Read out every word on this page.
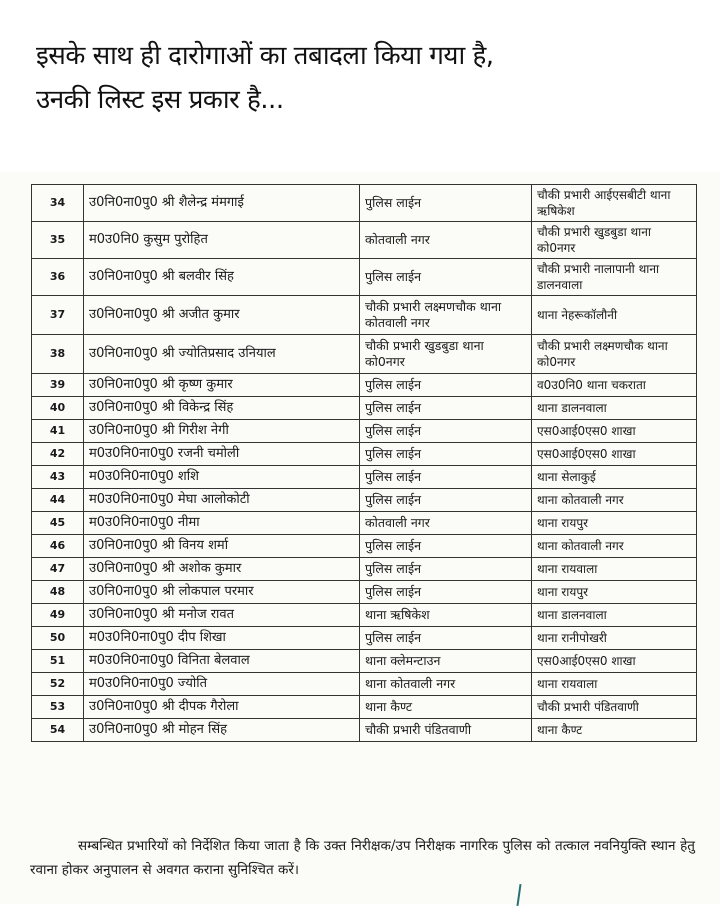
इसके साथ ही दारोगाओं का तबादला किया गया है,
उनकी लिस्ट इस प्रकार है...
34	उ0नि0ना0पु0 श्री शैलेन्द्र मंमगाई	पुलिस लाईन	चौकी प्रभारी आईएसबीटी थाना ऋषिकेश
35	म0उ0नि0 कुसुम पुरोहित	कोतवाली नगर	चौकी प्रभारी खुडबुडा थाना को0नगर
36	उ0नि0ना0पु0 श्री बलवीर सिंह	पुलिस लाईन	चौकी प्रभारी नालापानी थाना डालनवाला
37	उ0नि0ना0पु0 श्री अजीत कुमार	चौकी प्रभारी लक्ष्मणचौक थाना कोतवाली नगर	थाना नेहरूकॉलौनी
38	उ0नि0ना0पु0 श्री ज्योतिप्रसाद उनियाल	चौकी प्रभारी खुडबुडा थाना को0नगर	चौकी प्रभारी लक्ष्मणचौक थाना को0नगर
39	उ0नि0ना0पु0 श्री कृष्ण कुमार	पुलिस लाईन	व0उ0नि0 थाना चकराता
40	उ0नि0ना0पु0 श्री विकेन्द्र सिंह	पुलिस लाईन	थाना डालनवाला
41	उ0नि0ना0पु0 श्री गिरीश नेगी	पुलिस लाईन	एस0आई0एस0 शाखा
42	म0उ0नि0ना0पु0 रजनी चमोली	पुलिस लाईन	एस0आई0एस0 शाखा
43	म0उ0नि0ना0पु0 शशि	पुलिस लाईन	थाना सेलाकुई
44	म0उ0नि0ना0पु0 मेघा आलोकोटी	पुलिस लाईन	थाना कोतवाली नगर
45	म0उ0नि0ना0पु0 नीमा	कोतवाली नगर	थाना रायपुर
46	उ0नि0ना0पु0 श्री विनय शर्मा	पुलिस लाईन	थाना कोतवाली नगर
47	उ0नि0ना0पु0 श्री अशोक कुमार	पुलिस लाईन	थाना रायवाला
48	उ0नि0ना0पु0 श्री लोकपाल परमार	पुलिस लाईन	थाना रायपुर
49	उ0नि0ना0पु0 श्री मनोज रावत	थाना ऋषिकेश	थाना डालनवाला
50	म0उ0नि0ना0पु0 दीप शिखा	पुलिस लाईन	थाना रानीपोखरी
51	म0उ0नि0ना0पु0 विनिता बेलवाल	थाना क्लेमन्टाउन	एस0आई0एस0 शाखा
52	म0उ0नि0ना0पु0 ज्योति	थाना कोतवाली नगर	थाना रायवाला
53	उ0नि0ना0पु0 श्री दीपक गैरोला	थाना कैण्ट	चौकी प्रभारी पंडितवाणी
54	उ0नि0ना0पु0 श्री मोहन सिंह	चौकी प्रभारी पंडितवाणी	थाना कैण्ट
सम्बन्धित प्रभारियों को निर्देशित किया जाता है कि उक्त निरीक्षक/उप निरीक्षक नागरिक पुलिस को तत्काल नवनियुक्ति स्थान हेतु रवाना होकर अनुपालन से अवगत कराना सुनिश्चित करें।
